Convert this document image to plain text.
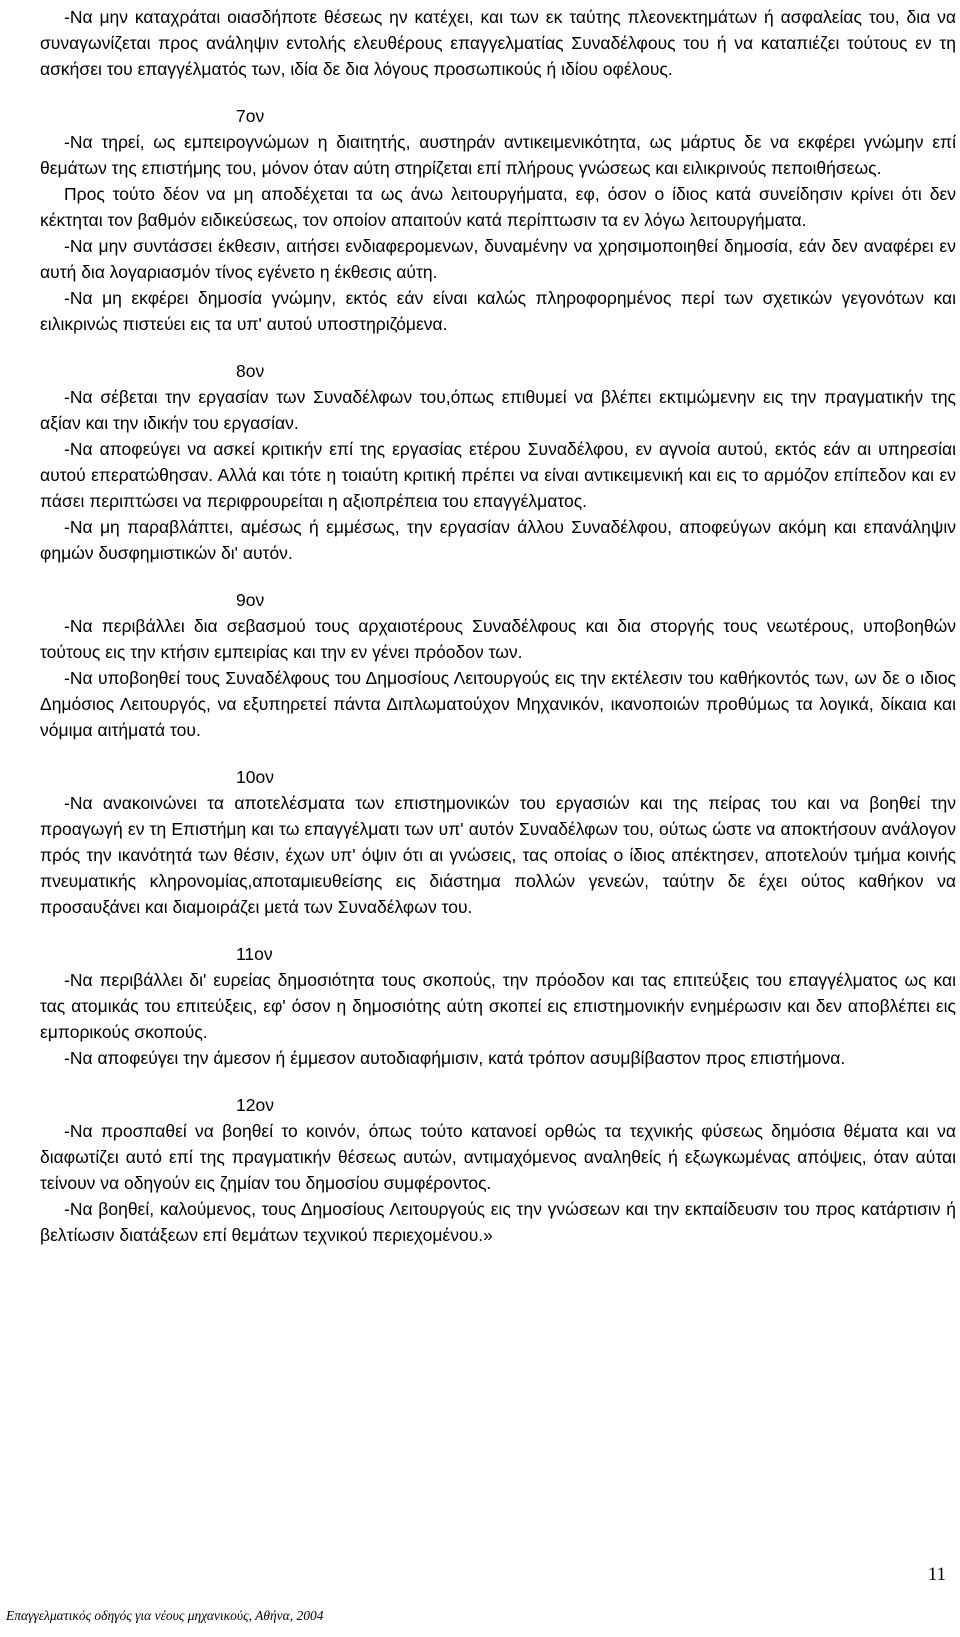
-Να μην καταχράται οιασδήποτε θέσεως ην κατέχει, και των εκ ταύτης πλεονεκτημάτων ή ασφαλείας του, δια να συναγωνίζεται προς ανάληψιν εντολής ελευθέρους επαγγελματίας Συναδέλφους του ή να καταπιέζει τούτους εν τη ασκήσει του επαγγέλματός των, ιδία δε δια λόγους προσωπικούς ή ιδίου οφέλους.

7ον

-Να τηρεί, ως εμπειρογνώμων η διαιτητής, αυστηράν αντικειμενικότητα, ως μάρτυς δε να εκφέρει γνώμην επί θεμάτων της επιστήμης του, μόνον όταν αύτη στηρίζεται επί πλήρους γνώσεως και ειλικρινούς πεποιθήσεως.

Προς τούτο δέον να μη αποδέχεται τα ως άνω λειτουργήματα, εφ, όσον ο ίδιος κατά συνείδησιν κρίνει ότι δεν κέκτηται τον βαθμόν ειδικεύσεως, τον οποίον απαιτούν κατά περίπτωσιν τα εν λόγω λειτουργήματα.

-Να μην συντάσσει έκθεσιν, αιτήσει ενδιαφερομενων, δυναμένην να χρησιμοποιηθεί δημοσία, εάν δεν αναφέρει εν αυτή δια λογαριασμόν τίνος εγένετο η έκθεσις αύτη.

-Να μη εκφέρει δημοσία γνώμην, εκτός εάν είναι καλώς πληροφορημένος περί των σχετικών γεγονότων και ειλικρινώς πιστεύει εις τα υπ' αυτού υποστηριζόμενα.

8ον

-Να σέβεται την εργασίαν των Συναδέλφων του,όπως επιθυμεί να βλέπει εκτιμώμενην εις την πραγματικήν της αξίαν και την ιδικήν του εργασίαν.

-Να αποφεύγει να ασκεί κριτικήν επί της εργασίας ετέρου Συναδέλφου, εν αγνοία αυτού, εκτός εάν αι υπηρεσίαι αυτού επερατώθησαν. Αλλά και τότε η τοιαύτη κριτική πρέπει να είναι αντικειμενική και εις το αρμόζον επίπεδον και εν πάσει περιπτώσει να περιφρουρείται η αξιοπρέπεια του επαγγέλματος.

-Να μη παραβλάπτει, αμέσως ή εμμέσως, την εργασίαν άλλου Συναδέλφου, αποφεύγων ακόμη και επανάληψιν φημών δυσφημιστικών δι' αυτόν.

9ον

-Να περιβάλλει δια σεβασμού τους αρχαιοτέρους Συναδέλφους και δια στοργής τους νεωτέρους, υποβοηθών τούτους εις την κτήσιν εμπειρίας και την εν γένει πρόοδον των.

-Να υποβοηθεί τους Συναδέλφους του Δημοσίους Λειτουργούς εις την εκτέλεσιν του καθήκοντός των, ων δε ο ιδιος Δημόσιος Λειτουργός, να εξυπηρετεί πάντα Διπλωματούχον Μηχανικόν, ικανοποιών προθύμως τα λογικά, δίκαια και νόμιμα αιτήματά του.

10ον

-Να ανακοινώνει τα αποτελέσματα των επιστημονικών του εργασιών και της πείρας του και να βοηθεί την προαγωγή εν τη Επιστήμη και τω επαγγέλματι των υπ' αυτόν Συναδέλφων του, ούτως ώστε να αποκτήσουν ανάλογον πρός την ικανότητά των θέσιν, έχων υπ' όψιν ότι αι γνώσεις, τας οποίας ο ίδιος απέκτησεν, αποτελούν τμήμα κοινής πνευματικής κληρονομίας,αποταμιευθείσης εις διάστημα πολλών γενεών, ταύτην δε έχει ούτος καθήκον να προσαυξάνει και διαμοιράζει μετά των Συναδέλφων του.

11ον

-Να περιβάλλει δι' ευρείας δημοσιότητα τους σκοπούς, την πρόοδον και τας επιτεύξεις του επαγγέλματος ως και τας ατομικάς του επιτεύξεις, εφ' όσον η δημοσιότης αύτη σκοπεί εις επιστημονικήν ενημέρωσιν και δεν αποβλέπει εις εμπορικούς σκοπούς.

-Να αποφεύγει την άμεσον ή έμμεσον αυτοδιαφήμισιν, κατά τρόπον ασυμβίβαστον προς επιστήμονα.

12ον

-Να προσπαθεί να βοηθεί το κοινόν, όπως τούτο κατανοεί ορθώς τα τεχνικής φύσεως δημόσια θέματα και να διαφωτίζει αυτό επί της πραγματικήν θέσεως αυτών, αντιμαχόμενος αναληθείς ή εξωγκωμένας απόψεις, όταν αύται τείνουν να οδηγούν εις ζημίαν του δημοσίου συμφέροντος.

-Να βοηθεί, καλούμενος, τους Δημοσίους Λειτουργούς εις την γνώσεων και την εκπαίδευσιν του προς κατάρτισιν ή βελτίωσιν διατάξεων επί θεμάτων τεχνικού περιεχομένου.»

11
Επαγγελματικός οδηγός για νέους μηχανικούς, Αθήνα, 2004
